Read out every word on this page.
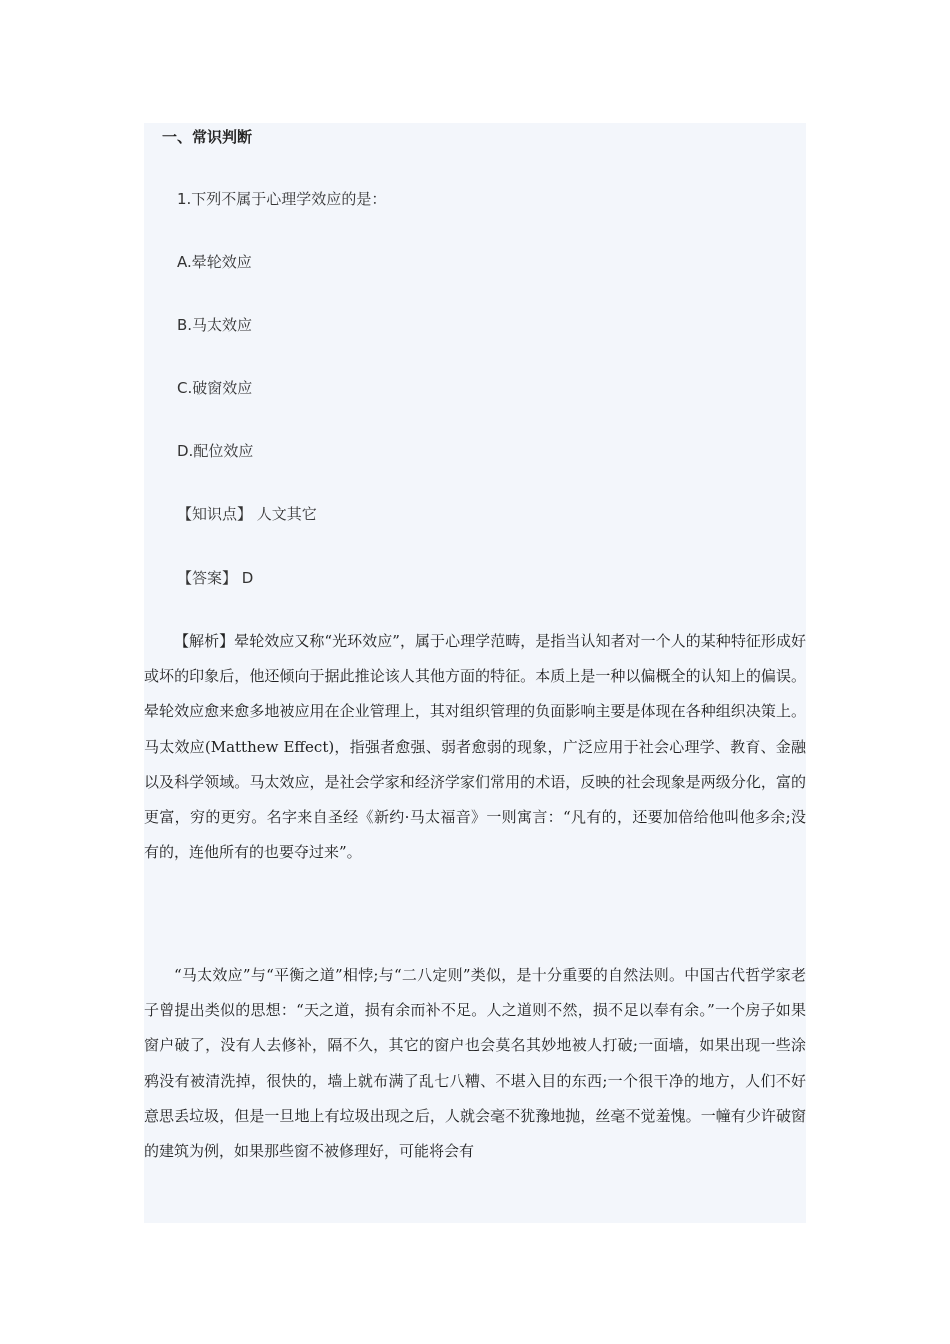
一、常识判断
1.下列不属于心理学效应的是：
A.晕轮效应
B.马太效应
C.破窗效应
D.配位效应
【知识点】 人文其它
【答案】 D

【解析】晕轮效应又称“光环效应”，属于心理学范畴，是指当认知者对一个人的某种特征形成好或坏的印象后，他还倾向于据此推论该人其他方面的特征。本质上是一种以偏概全的认知上的偏误。晕轮效应愈来愈多地被应用在企业管理上，其对组织管理的负面影响主要是体现在各种组织决策上。马太效应(Matthew Effect)，指强者愈强、弱者愈弱的现象，广泛应用于社会心理学、教育、金融以及科学领域。马太效应，是社会学家和经济学家们常用的术语，反映的社会现象是两级分化，富的更富，穷的更穷。名字来自圣经《新约·马太福音》一则寓言：“凡有的，还要加倍给他叫他多余;没有的，连他所有的也要夺过来”。

“马太效应”与“平衡之道”相悖;与“二八定则”类似，是十分重要的自然法则。中国古代哲学家老子曾提出类似的思想：“天之道，损有余而补不足。人之道则不然，损不足以奉有余。”一个房子如果窗户破了，没有人去修补，隔不久，其它的窗户也会莫名其妙地被人打破;一面墙，如果出现一些涂鸦没有被清洗掉，很快的，墙上就布满了乱七八糟、不堪入目的东西;一个很干净的地方，人们不好意思丢垃圾，但是一旦地上有垃圾出现之后，人就会毫不犹豫地抛，丝毫不觉羞愧。一幢有少许破窗的建筑为例，如果那些窗不被修理好，可能将会有
